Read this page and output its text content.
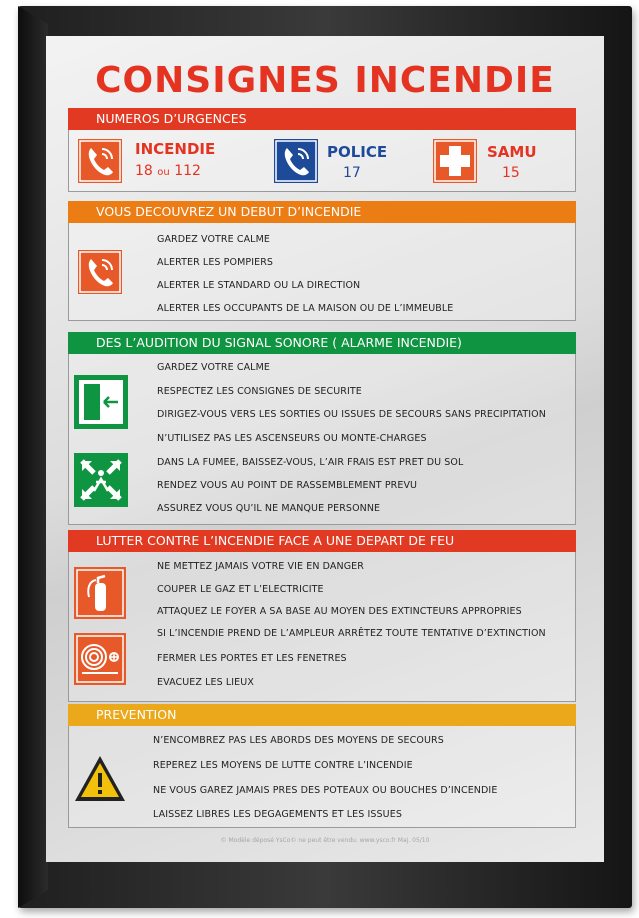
CONSIGNES INCENDIE
NUMEROS D’URGENCES
INCENDIE
18 ou 112
POLICE
17
SAMU
15
VOUS DECOUVREZ UN DEBUT D’INCENDIE
GARDEZ VOTRE CALME
ALERTER LES POMPIERS
ALERTER LE STANDARD OU LA DIRECTION
ALERTER LES OCCUPANTS DE LA MAISON OU DE L’IMMEUBLE
DES L’AUDITION DU SIGNAL SONORE ( ALARME INCENDIE)
GARDEZ VOTRE CALME
RESPECTEZ LES CONSIGNES DE SECURITE
DIRIGEZ-VOUS VERS LES SORTIES OU ISSUES DE SECOURS SANS PRECIPITATION
N’UTILISEZ PAS LES ASCENSEURS OU MONTE-CHARGES
DANS LA FUMEE, BAISSEZ-VOUS, L’AIR FRAIS EST PRET DU SOL
RENDEZ VOUS AU POINT DE RASSEMBLEMENT PREVU
ASSUREZ VOUS QU’IL NE MANQUE PERSONNE
LUTTER CONTRE L’INCENDIE FACE A UNE DEPART DE FEU
NE METTEZ JAMAIS VOTRE VIE EN DANGER
COUPER LE GAZ ET L’ELECTRICITE
ATTAQUEZ LE FOYER A SA BASE AU MOYEN DES EXTINCTEURS APPROPRIES
SI L’INCENDIE PREND DE L’AMPLEUR ARRÊTEZ TOUTE TENTATIVE D’EXTINCTION
FERMER LES PORTES ET LES FENETRES
EVACUEZ LES LIEUX
PREVENTION
N’ENCOMBREZ PAS LES ABORDS DES MOYENS DE SECOURS
REPEREZ LES MOYENS DE LUTTE CONTRE L’INCENDIE
NE VOUS GAREZ JAMAIS PRES DES POTEAUX OU BOUCHES D’INCENDIE
LAISSEZ LIBRES LES DEGAGEMENTS ET LES ISSUES
© Modèle déposé YsCo© ne peut être vendu. www.ysco.fr Maj. 05/10
